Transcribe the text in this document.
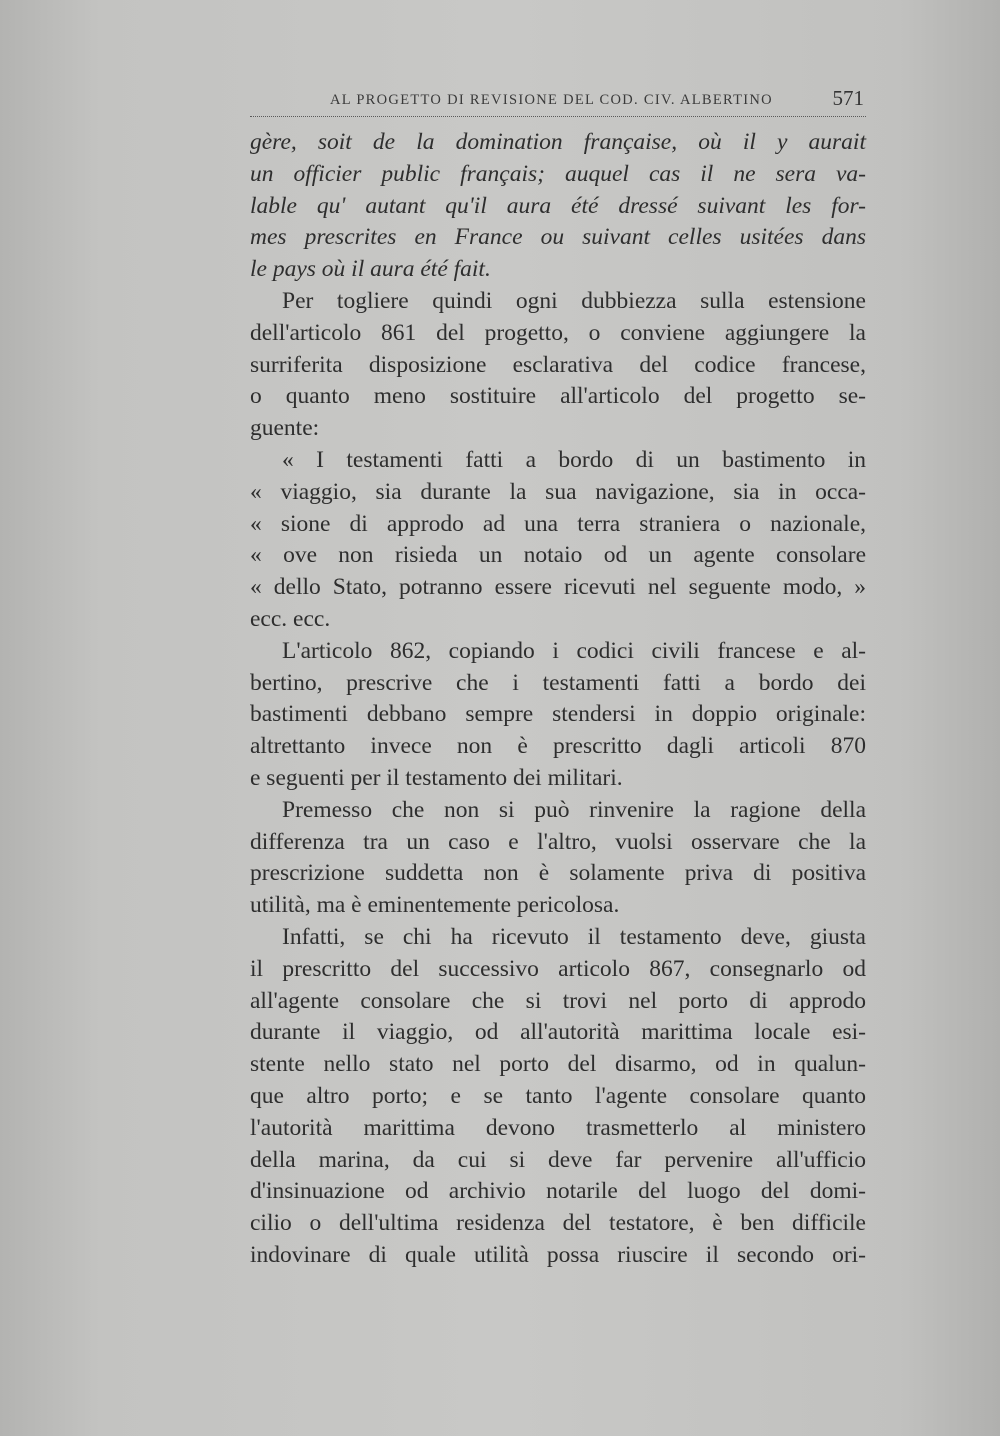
AL PROGETTO DI REVISIONE DEL COD. CIV. ALBERTINO	571
gère, soit de la domination française, où il y aurait
un officier public français; auquel cas il ne sera va-
lable qu' autant qu'il aura été dressé suivant les for-
mes prescrites en France ou suivant celles usitées dans
le pays où il aura été fait.
Per togliere quindi ogni dubbiezza sulla estensione
dell'articolo 861 del progetto, o conviene aggiungere la
surriferita disposizione esclarativa del codice francese,
o quanto meno sostituire all'articolo del progetto se-
guente:
« I testamenti fatti a bordo di un bastimento in
« viaggio, sia durante la sua navigazione, sia in occa-
« sione di approdo ad una terra straniera o nazionale,
« ove non risieda un notaio od un agente consolare
« dello Stato, potranno essere ricevuti nel seguente modo, »
ecc. ecc.
L'articolo 862, copiando i codici civili francese e al-
bertino, prescrive che i testamenti fatti a bordo dei
bastimenti debbano sempre stendersi in doppio originale:
altrettanto invece non è prescritto dagli articoli 870
e seguenti per il testamento dei militari.
Premesso che non si può rinvenire la ragione della
differenza tra un caso e l'altro, vuolsi osservare che la
prescrizione suddetta non è solamente priva di positiva
utilità, ma è eminentemente pericolosa.
Infatti, se chi ha ricevuto il testamento deve, giusta
il prescritto del successivo articolo 867, consegnarlo od
all'agente consolare che si trovi nel porto di approdo
durante il viaggio, od all'autorità marittima locale esi-
stente nello stato nel porto del disarmo, od in qualun-
que altro porto; e se tanto l'agente consolare quanto
l'autorità marittima devono trasmetterlo al ministero
della marina, da cui si deve far pervenire all'ufficio
d'insinuazione od archivio notarile del luogo del domi-
cilio o dell'ultima residenza del testatore, è ben difficile
indovinare di quale utilità possa riuscire il secondo ori-
